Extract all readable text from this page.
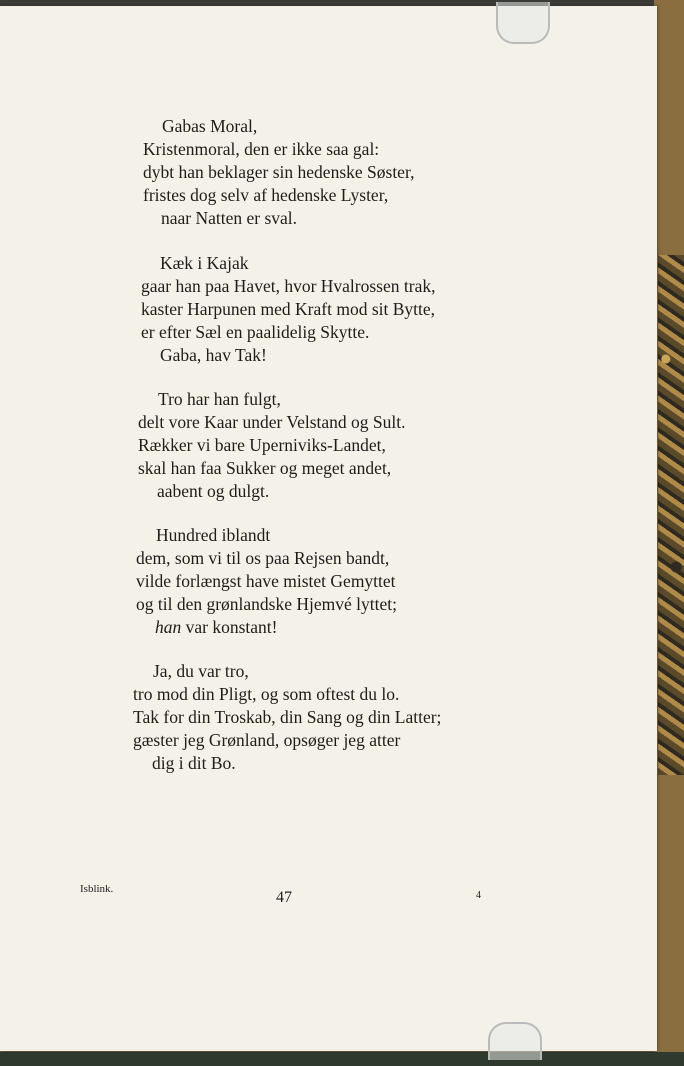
Gabas Moral,
Kristenmoral, den er ikke saa gal:
dybt han beklager sin hedenske Søster,
fristes dog selv af hedenske Lyster,
naar Natten er sval.
Kæk i Kajak
gaar han paa Havet, hvor Hvalrossen trak,
kaster Harpunen med Kraft mod sit Bytte,
er efter Sæl en paalidelig Skytte.
Gaba, hav Tak!
Tro har han fulgt,
delt vore Kaar under Velstand og Sult.
Rækker vi bare Uperniviks-Landet,
skal han faa Sukker og meget andet,
aabent og dulgt.
Hundred iblandt
dem, som vi til os paa Rejsen bandt,
vilde forlængst have mistet Gemyttet
og til den grønlandske Hjemvé lyttet;
han var konstant!
Ja, du var tro,
tro mod din Pligt, og som oftest du lo.
Tak for din Troskab, din Sang og din Latter;
gæster jeg Grønland, opsøger jeg atter
dig i dit Bo.
Isblink.	47	4
